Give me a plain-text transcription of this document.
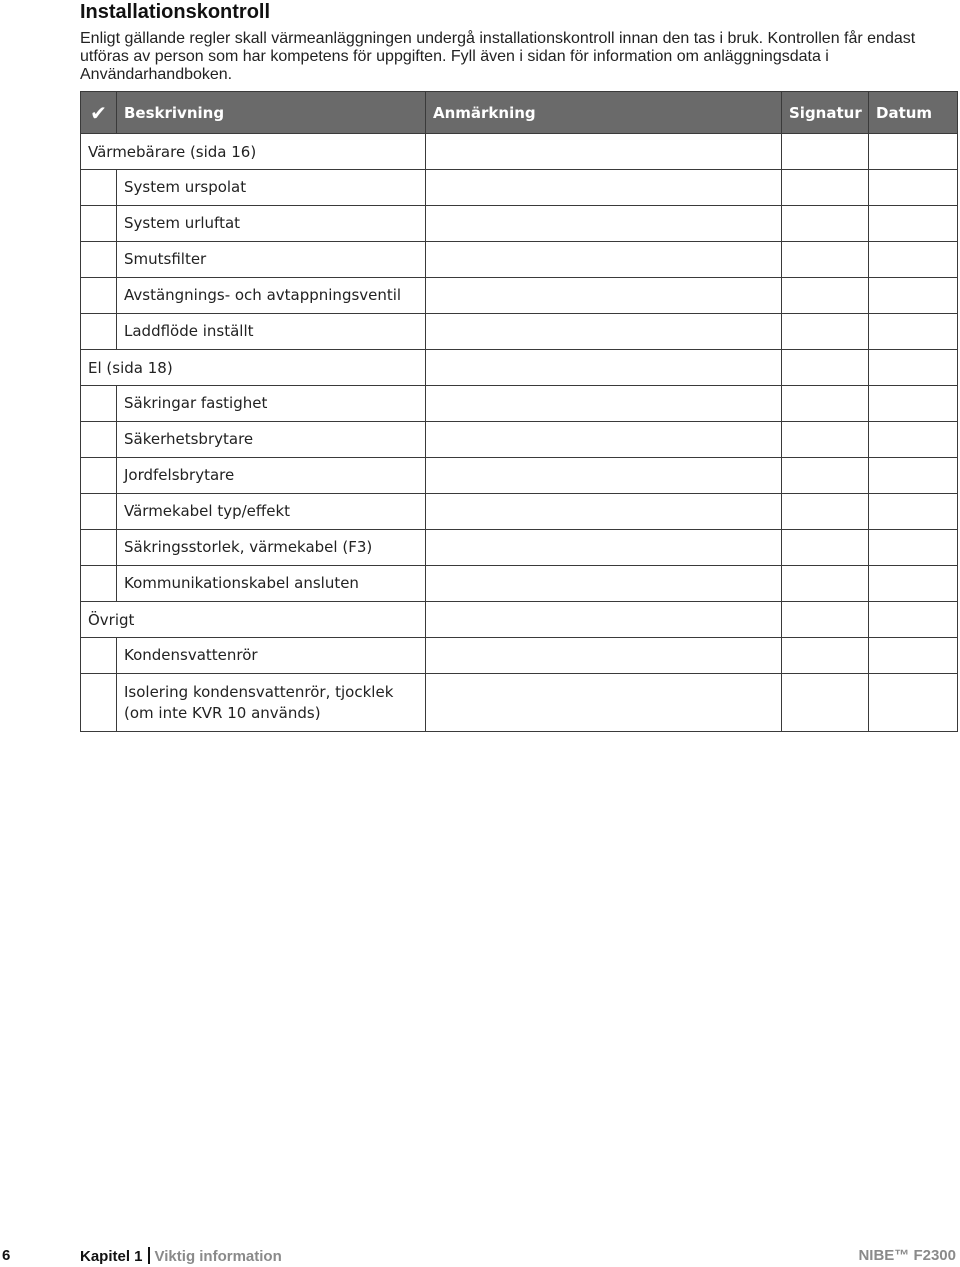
Installationskontroll
Enligt gällande regler skall värmeanläggningen undergå installationskontroll innan den tas i bruk. Kontrollen får endast utföras av person som har kompetens för uppgiften. Fyll även i sidan för information om anläggningsdata i Användarhandboken.
✔	Beskrivning	Anmärkning	Signatur	Datum
Värmebärare (sida 16)				
	System urspolat			
	System urluftat			
	Smutsfilter			
	Avstängnings- och avtappningsventil			
	Laddflöde inställt			
El (sida 18)				
	Säkringar fastighet			
	Säkerhetsbrytare			
	Jordfelsbrytare			
	Värmekabel typ/effekt			
	Säkringsstorlek, värmekabel (F3)			
	Kommunikationskabel ansluten			
Övrigt				
	Kondensvattenrör			
	Isolering kondensvattenrör, tjocklek (om inte KVR 10 används)			
6	Kapitel 1 Viktig information	NIBE™ F2300
